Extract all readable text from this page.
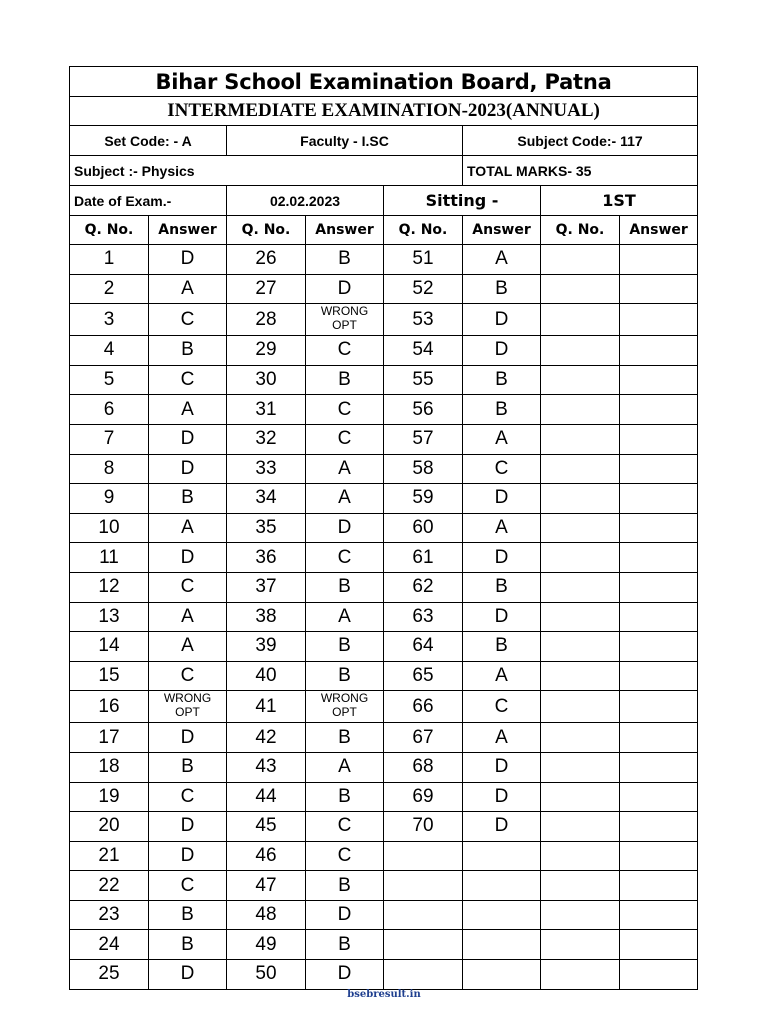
Bihar School Examination Board, Patna							
INTERMEDIATE EXAMINATION-2023(ANNUAL)							
Set Code: - A		Faculty - I.SC			Subject Code:- 117		
Subject :- Physics					TOTAL MARKS- 35		
Date of Exam.-		02.02.2023		Sitting -		1ST	
Q. No.	Answer	Q. No.	Answer	Q. No.	Answer	Q. No.	Answer
1	D	26	B	51	A		
2	A	27	D	52	B		
3	C	28	WRONG OPT	53	D		
4	B	29	C	54	D		
5	C	30	B	55	B		
6	A	31	C	56	B		
7	D	32	C	57	A		
8	D	33	A	58	C		
9	B	34	A	59	D		
10	A	35	D	60	A		
11	D	36	C	61	D		
12	C	37	B	62	B		
13	A	38	A	63	D		
14	A	39	B	64	B		
15	C	40	B	65	A		
16	WRONG OPT	41	WRONG OPT	66	C		
17	D	42	B	67	A		
18	B	43	A	68	D		
19	C	44	B	69	D		
20	D	45	C	70	D		
21	D	46	C				
22	C	47	B				
23	B	48	D				
24	B	49	B				
25	D	50	D				
bsebresult.in
